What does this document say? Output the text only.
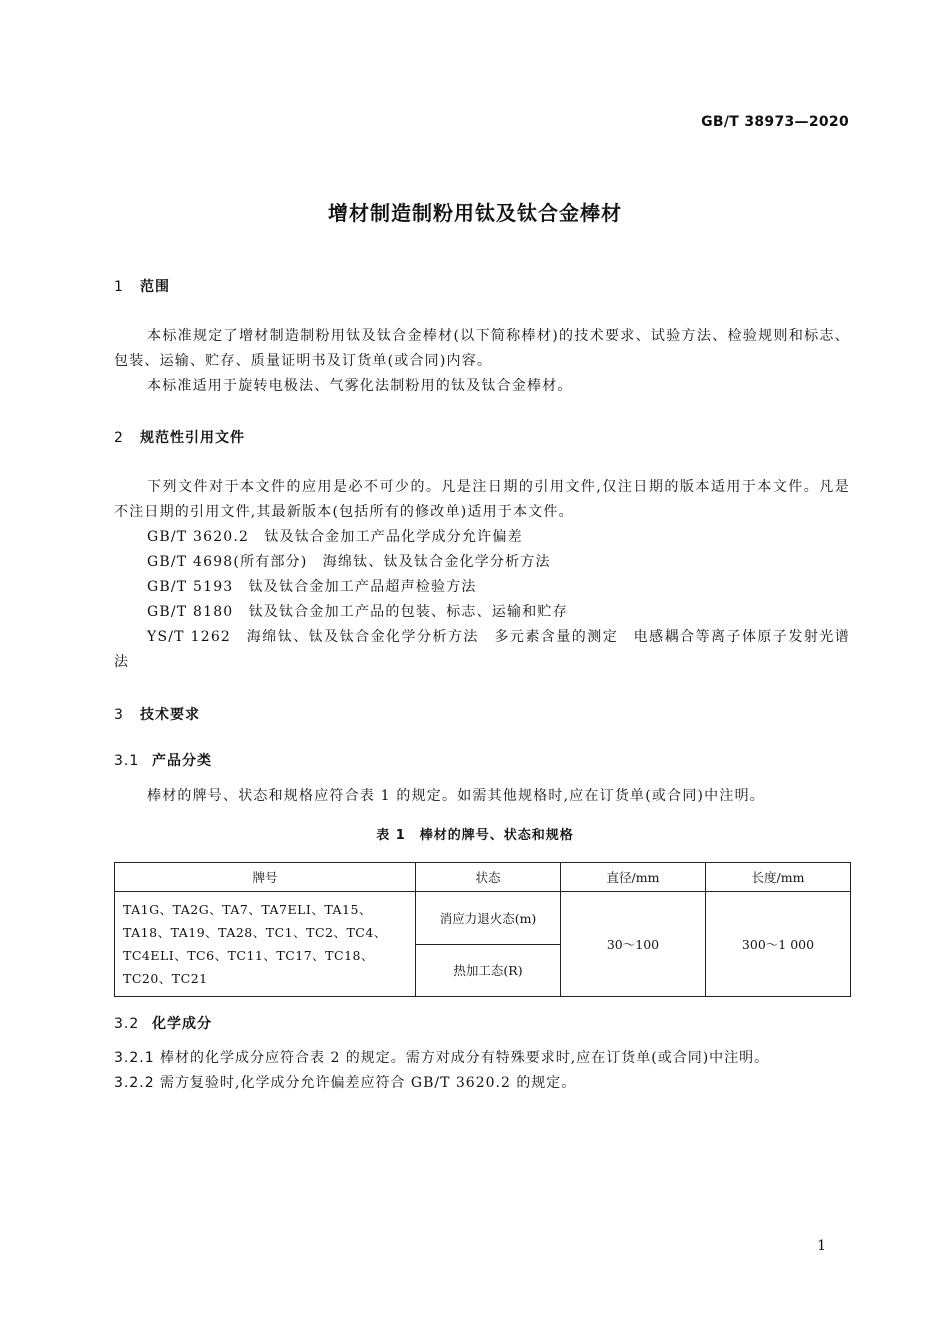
GB/T 38973—2020
增材制造制粉用钛及钛合金棒材
1 范围

本标准规定了增材制造制粉用钛及钛合金棒材(以下简称棒材)的技术要求、试验方法、检验规则和标志、包装、运输、贮存、质量证明书及订货单(或合同)内容。

本标准适用于旋转电极法、气雾化法制粉用的钛及钛合金棒材。

2 规范性引用文件

下列文件对于本文件的应用是必不可少的。凡是注日期的引用文件,仅注日期的版本适用于本文件。凡是不注日期的引用文件,其最新版本(包括所有的修改单)适用于本文件。

GB/T 3620.2　 钛及钛合金加工产品化学成分允许偏差
GB/T 4698(所有部分)　 海绵钛、钛及钛合金化学分析方法
GB/T 5193　 钛及钛合金加工产品超声检验方法
GB/T 8180　 钛及钛合金加工产品的包装、标志、运输和贮存

YS/T 1262　海绵钛、钛及钛合金化学分析方法　多元素含量的测定　电感耦合等离子体原子发射光谱法

3 技术要求
3.1 产品分类

棒材的牌号、状态和规格应符合表 1 的规定。如需其他规格时,应在订货单(或合同)中注明。

表 1　棒材的牌号、状态和规格
牌号	状态	直径/mm	长度/mm
TA1G、TA2G、TA7、TA7ELI、TA15、TA18、TA19、TA28、TC1、TC2、TC4、TC4ELI、TC6、TC11、TC17、TC18、TC20、TC21	消应力退火态(m)	30～100	300～1 000
	热加工态(R)		
3.2 化学成分
3.2.1 棒材的化学成分应符合表 2 的规定。需方对成分有特殊要求时,应在订货单(或合同)中注明。
3.2.2 需方复验时,化学成分允许偏差应符合 GB/T 3620.2 的规定。
1
